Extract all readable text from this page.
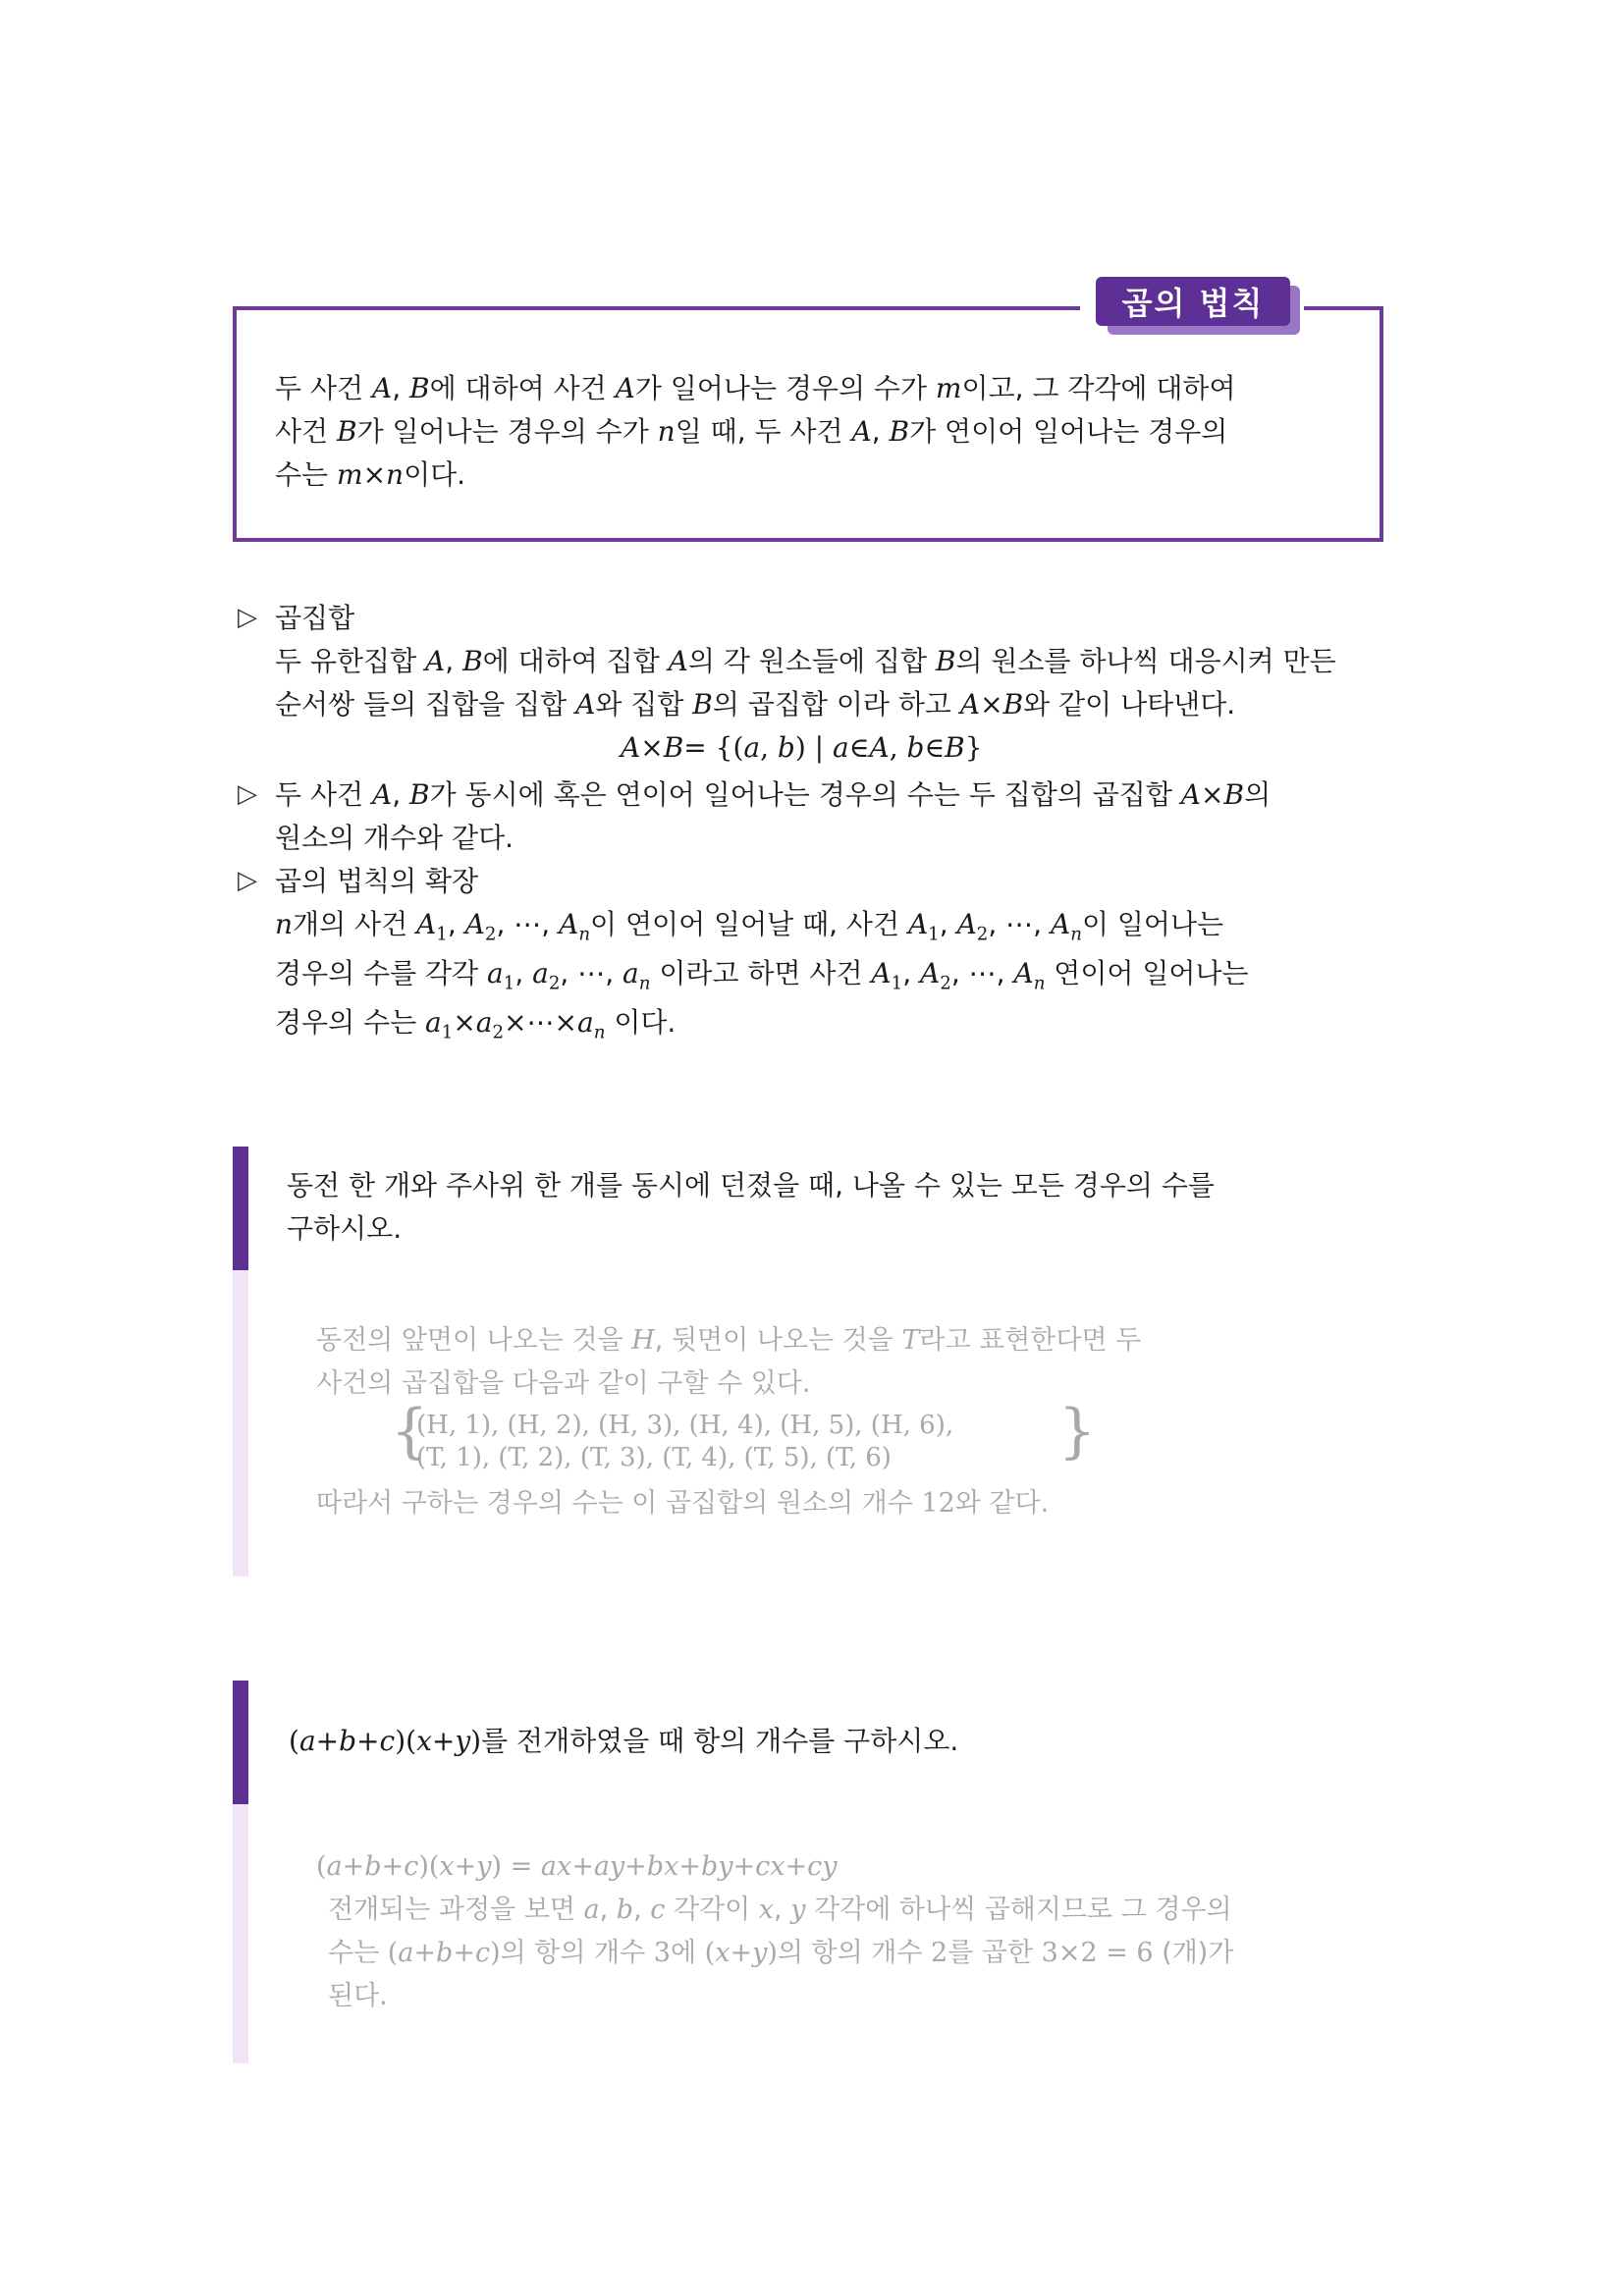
곱의 법칙
두 사건 A, B에 대하여 사건 A가 일어나는 경우의 수가 m이고, 그 각각에 대하여
사건 B가 일어나는 경우의 수가 n일 때, 두 사건 A, B가 연이어 일어나는 경우의
수는 m×n이다.
▷ 곱집합
두 유한집합 A, B에 대하여 집합 A의 각 원소들에 집합 B의 원소를 하나씩 대응시켜 만든
순서쌍 들의 집합을 집합 A와 집합 B의 곱집합 이라 하고 A×B와 같이 나타낸다.
A×B= {(a, b) | a∈A, b∈B}
▷ 두 사건 A, B가 동시에 혹은 연이어 일어나는 경우의 수는 두 집합의 곱집합 A×B의
원소의 개수와 같다.
▷ 곱의 법칙의 확장
n개의 사건 $A_1$, $A_2$, ⋯, $A_n$이 연이어 일어날 때, 사건 $A_1$, $A_2$, ⋯, $A_n$이 일어나는
경우의 수를 각각 $a_1$, $a_2$, ⋯, $a_n$ 이라고 하면 사건 $A_1$, $A_2$, ⋯, $A_n$ 연이어 일어나는
경우의 수는 $a_1\times a_2\times\cdots\times a_n$ 이다.
동전 한 개와 주사위 한 개를 동시에 던졌을 때, 나올 수 있는 모든 경우의 수를
구하시오.
동전의 앞면이 나오는 것을 H, 뒷면이 나오는 것을 T라고 표현한다면 두
사건의 곱집합을 다음과 같이 구할 수 있다.
{
(H, 1), (H, 2), (H, 3), (H, 4), (H, 5), (H, 6),
(T, 1), (T, 2), (T, 3), (T, 4), (T, 5), (T, 6)	}
따라서 구하는 경우의 수는 이 곱집합의 원소의 개수 12와 같다.
(a+b+c)(x+y)를 전개하였을 때 항의 개수를 구하시오.
(a+b+c)(x+y) = ax+ay+bx+by+cx+cy
전개되는 과정을 보면 a, b, c 각각이 x, y 각각에 하나씩 곱해지므로 그 경우의
수는 (a+b+c)의 항의 개수 3에 (x+y)의 항의 개수 2를 곱한 3×2 = 6 (개)가
된다.
